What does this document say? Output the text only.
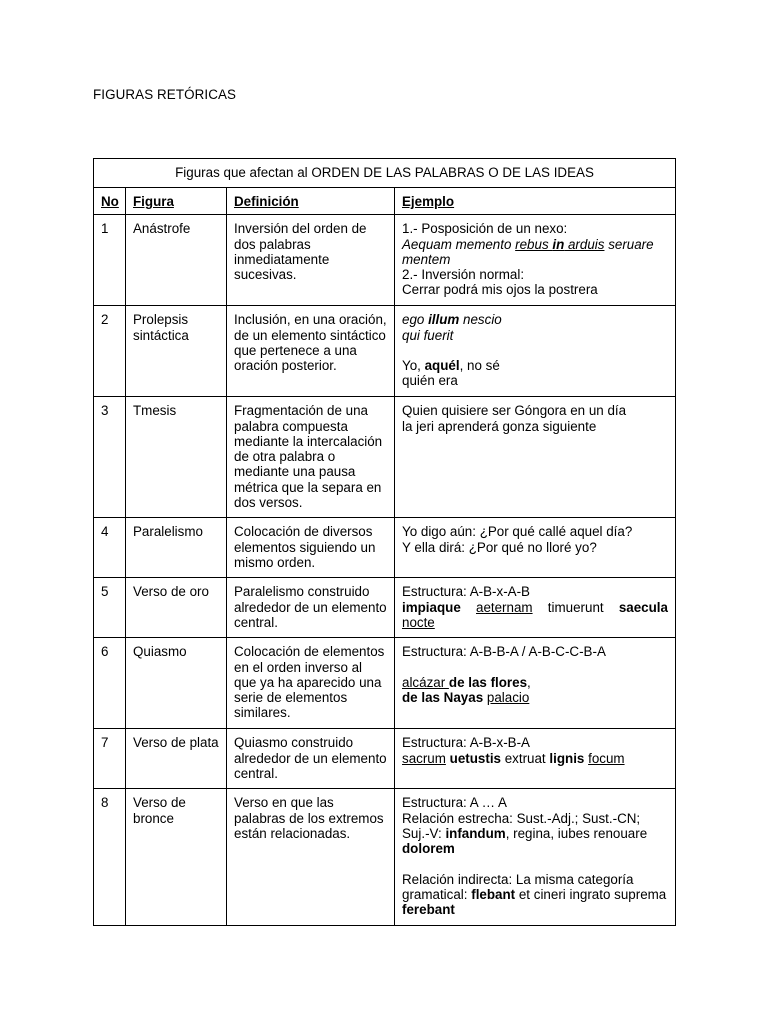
FIGURAS RETÓRICAS
Figuras que afectan al ORDEN DE LAS PALABRAS O DE LAS IDEAS			
No	Figura	Definición	Ejemplo
1	Anástrofe	Inversión del orden de dos palabras inmediatamente sucesivas.	1.- Posposición de un nexo:
Aequam memento rebus in arduis seruare
mentem
2.- Inversión normal:
Cerrar podrá mis ojos la postrera

2	Prolepsis sintáctica	Inclusión, en una oración, de un elemento sintáctico que pertenece a una oración posterior.	ego illum nescio
qui fuerit
Yo, aquél, no sé
quién era

3	Tmesis	Fragmentación de una palabra compuesta mediante la intercalación de otra palabra o mediante una pausa métrica que la separa en dos versos.	Quien quisiere ser Góngora en un día
la jeri aprenderá gonza siguiente

4	Paralelismo	Colocación de diversos elementos siguiendo un mismo orden.	Yo digo aún: ¿Por qué callé aquel día?
Y ella dirá: ¿Por qué no lloré yo?

5	Verso de oro	Paralelismo construido alrededor de un elemento central.	Estructura: A-B-x-A-B
impiaque aeternam timuerunt saecula
nocte

6	Quiasmo	Colocación de elementos en el orden inverso al que ya ha aparecido una serie de elementos similares.	Estructura: A-B-B-A / A-B-C-C-B-A
alcázar de las flores,
de las Nayas palacio

7	Verso de plata	Quiasmo construido alrededor de un elemento central.	Estructura: A-B-x-B-A
sacrum uetustis extruat lignis focum

8	Verso de bronce	Verso en que las palabras de los extremos están relacionadas.	Estructura: A … A
Relación estrecha: Sust.-Adj.; Sust.-CN; Suj.-V: infandum, regina, iubes renouare dolorem
Relación indirecta: La misma categoría gramatical: flebant et cineri ingrato suprema ferebant
